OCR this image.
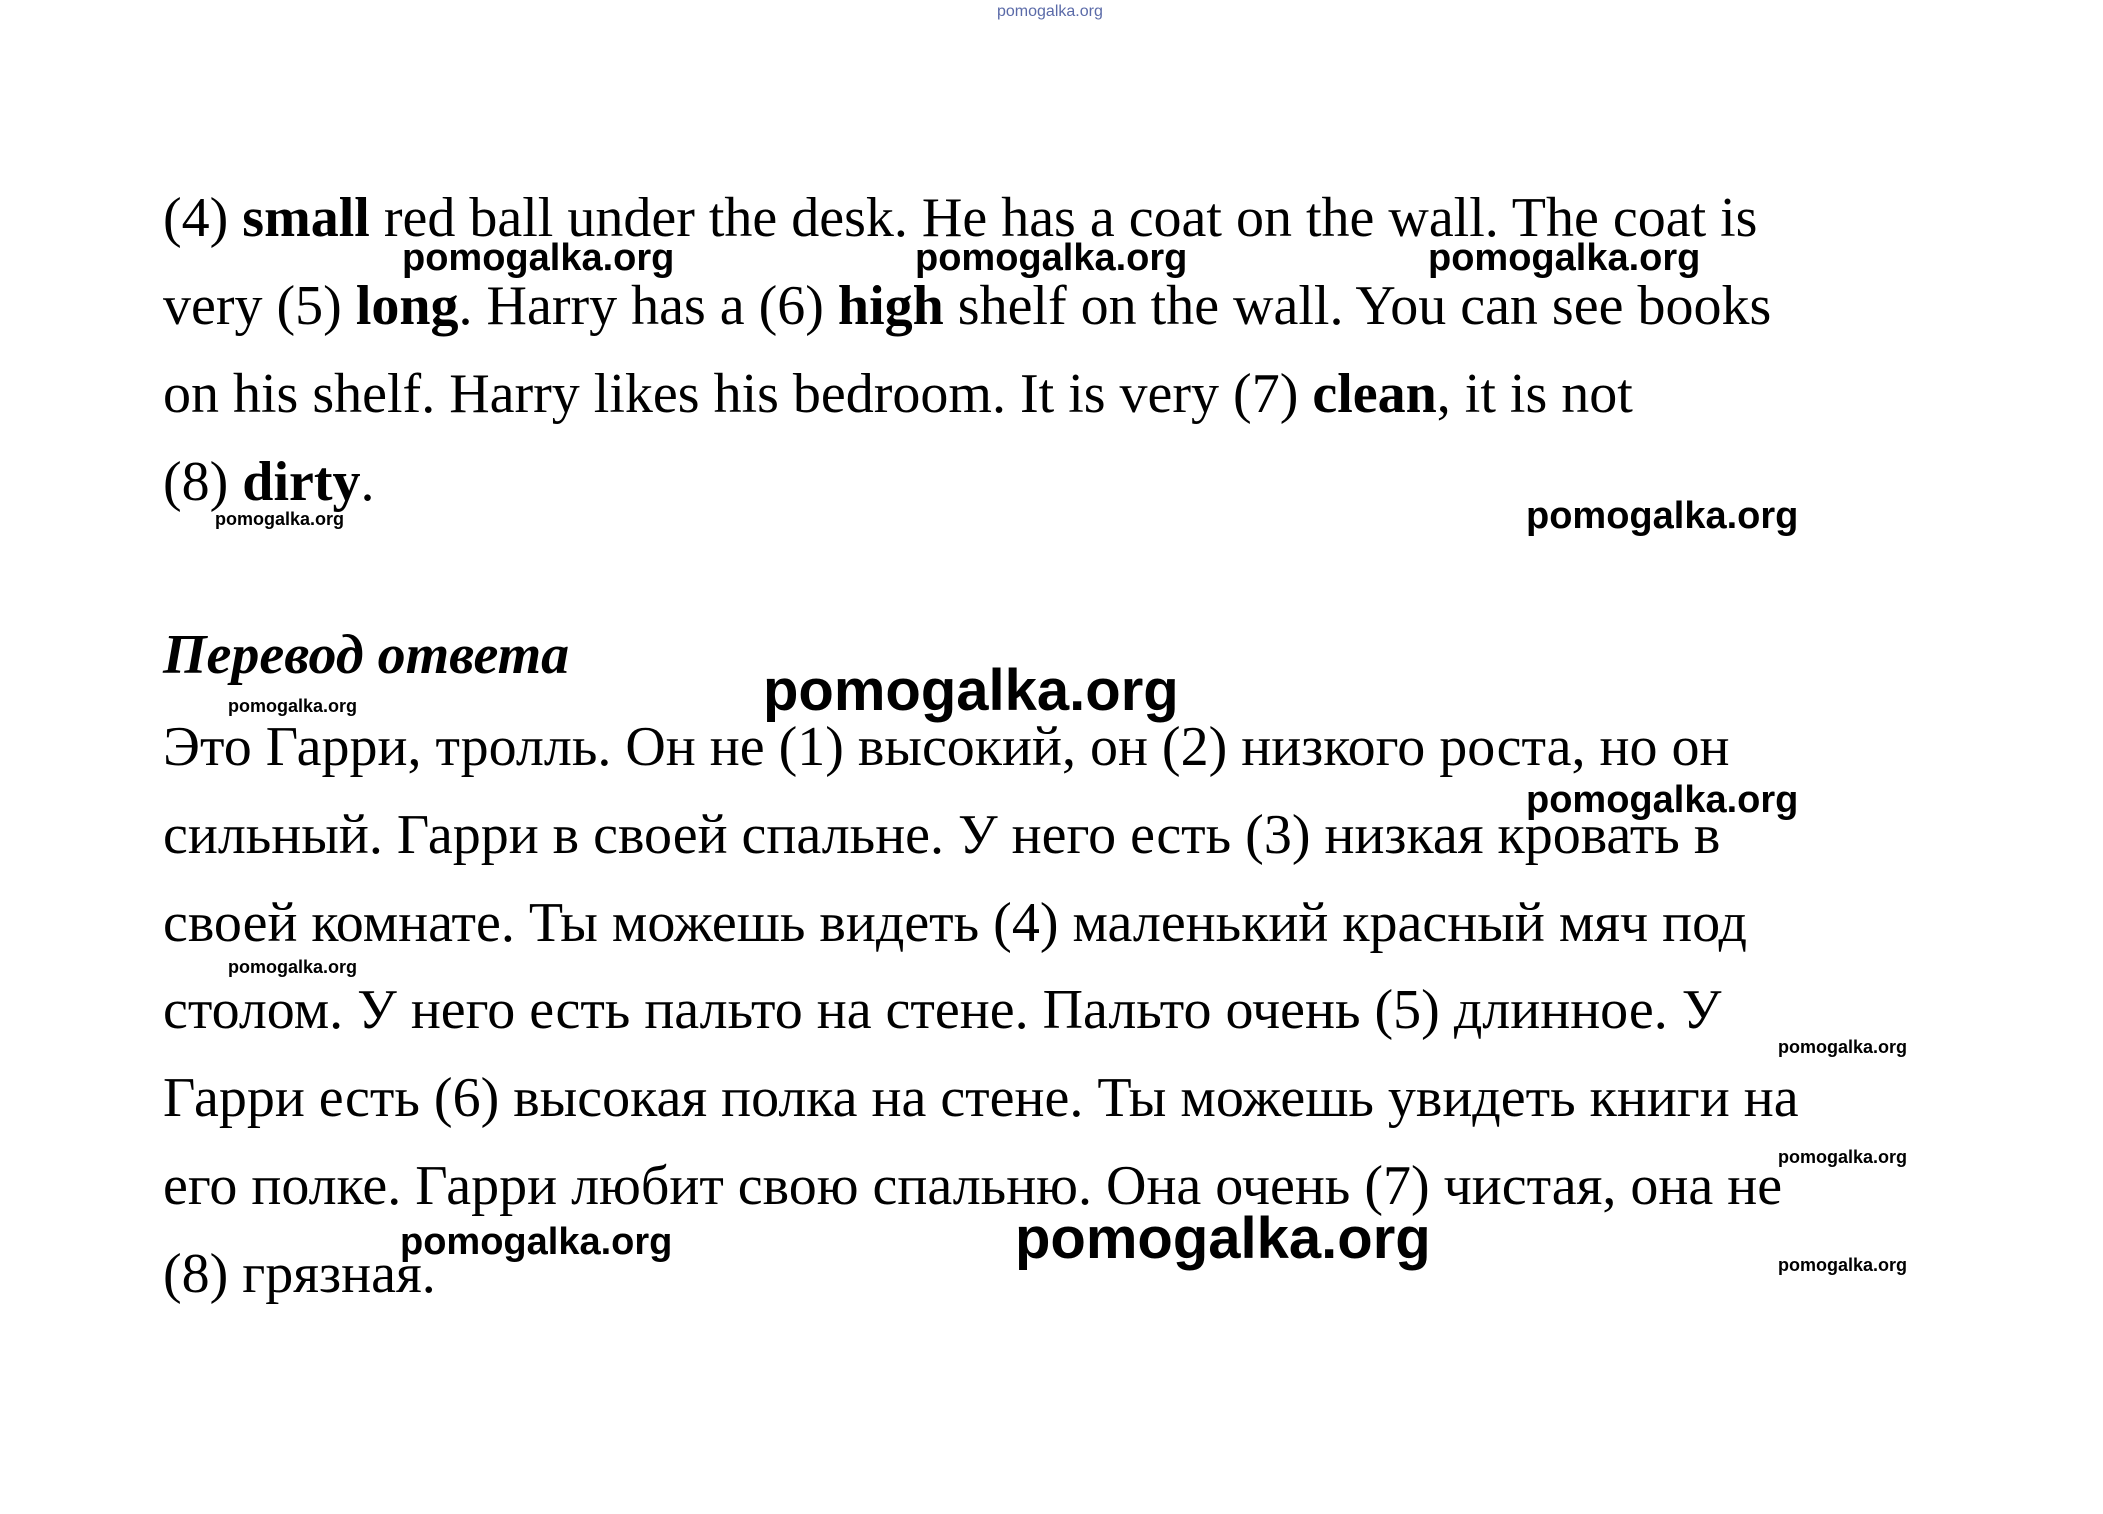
pomogalka.org
(4) small red ball under the desk. He has a coat on the wall. The coat is
very (5) long. Harry has a (6) high shelf on the wall. You can see books
on his shelf. Harry likes his bedroom. It is very (7) clean, it is not
(8) dirty.
Перевод ответа
Это Гарри, тролль. Он не (1) высокий, он (2) низкого роста, но он
сильный. Гарри в своей спальне. У него есть (3) низкая кровать в
своей комнате. Ты можешь видеть (4) маленький красный мяч под
столом. У него есть пальто на стене. Пальто очень (5) длинное. У
Гарри есть (6) высокая полка на стене. Ты можешь увидеть книги на
его полке. Гарри любит свою спальню. Она очень (7) чистая, она не
(8) грязная.
pomogalka.org	pomogalka.org	pomogalka.org
pomogalka.org	pomogalka.org
pomogalka.org
pomogalka.org
pomogalka.org
pomogalka.org
pomogalka.org
pomogalka.org
pomogalka.org	pomogalka.org	pomogalka.org
